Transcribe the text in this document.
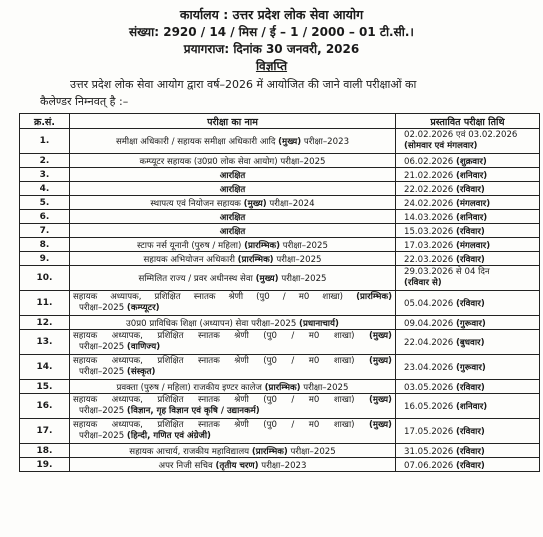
कार्यालय : उत्तर प्रदेश लोक सेवा आयोग
संख्या: 2920 / 14 / मिस / ई – 1 / 2000 – 01 टी.सी.।
प्रयागराज: दिनांक 30 जनवरी, 2026
विज्ञप्ति
उत्तर प्रदेश लोक सेवा आयोग द्वारा वर्ष–2026 में आयोजित की जाने वाली परीक्षाओं का
कैलेण्डर निम्नवत् है :–
क्र.सं.	परीक्षा का नाम	प्रस्तावित परीक्षा तिथि
1.	समीक्षा अधिकारी / सहायक समीक्षा अधिकारी आदि (मुख्य) परीक्षा–2023	02.02.2026 एवं 03.02.2026
(सोमवार एवं मंगलवार)

2.	कम्प्यूटर सहायक (उ0प्र0 लोक सेवा आयोग) परीक्षा–2025	06.02.2026 (शुक्रवार)
3.	आरक्षित	21.02.2026 (शनिवार)
4.	आरक्षित	22.02.2026 (रविवार)
5.	स्थापत्य एवं नियोजन सहायक (मुख्य) परीक्षा–2024	24.02.2026 (मंगलवार)
6.	आरक्षित	14.03.2026 (शनिवार)
7.	आरक्षित	15.03.2026 (रविवार)
8.	स्टाफ नर्स यूनानी (पुरुष / महिला) (प्रारम्भिक) परीक्षा–2025	17.03.2026 (मंगलवार)
9.	सहायक अभियोजन अधिकारी (प्रारम्भिक) परीक्षा–2025	22.03.2026 (रविवार)
10.	सम्मिलित राज्य / प्रवर अधीनस्थ सेवा (मुख्य) परीक्षा–2025	29.03.2026 से 04 दिन
(रविवार से)

11.	सहायक अध्यापक, प्रशिक्षित स्नातक श्रेणी (पु0 / म0 शाखा) (प्रारम्भिक)
परीक्षा–2025 (कम्प्यूटर)	05.04.2026 (रविवार)
12.	उ0प्र0 प्राविधिक शिक्षा (अध्यापन) सेवा परीक्षा–2025 (प्रधानाचार्य)	09.04.2026 (गुरूवार)
13.	सहायक अध्यापक, प्रशिक्षित स्नातक श्रेणी (पु0 / म0 शाखा) (मुख्य)
परीक्षा–2025 (वाणिज्य)	22.04.2026 (बुधवार)
14.	सहायक अध्यापक, प्रशिक्षित स्नातक श्रेणी (पु0 / म0 शाखा) (मुख्य)
परीक्षा–2025 (संस्कृत)	23.04.2026 (गुरूवार)
15.	प्रवक्ता (पुरुष / महिला) राजकीय इण्टर कालेज (प्रारम्भिक) परीक्षा–2025	03.05.2026 (रविवार)
16.	सहायक अध्यापक, प्रशिक्षित स्नातक श्रेणी (पु0 / म0 शाखा) (मुख्य)
परीक्षा–2025 (विज्ञान, गृह विज्ञान एवं कृषि / उद्यानकर्म)	16.05.2026 (शनिवार)
17.	सहायक अध्यापक, प्रशिक्षित स्नातक श्रेणी (पु0 / म0 शाखा) (मुख्य)
परीक्षा–2025 (हिन्दी, गणित एवं अंग्रेजी)	17.05.2026 (रविवार)
18.	सहायक आचार्य, राजकीय महाविद्यालय (प्रारम्भिक) परीक्षा–2025	31.05.2026 (रविवार)
19.	अपर निजी सचिव (तृतीय चरण) परीक्षा–2023	07.06.2026 (रविवार)
